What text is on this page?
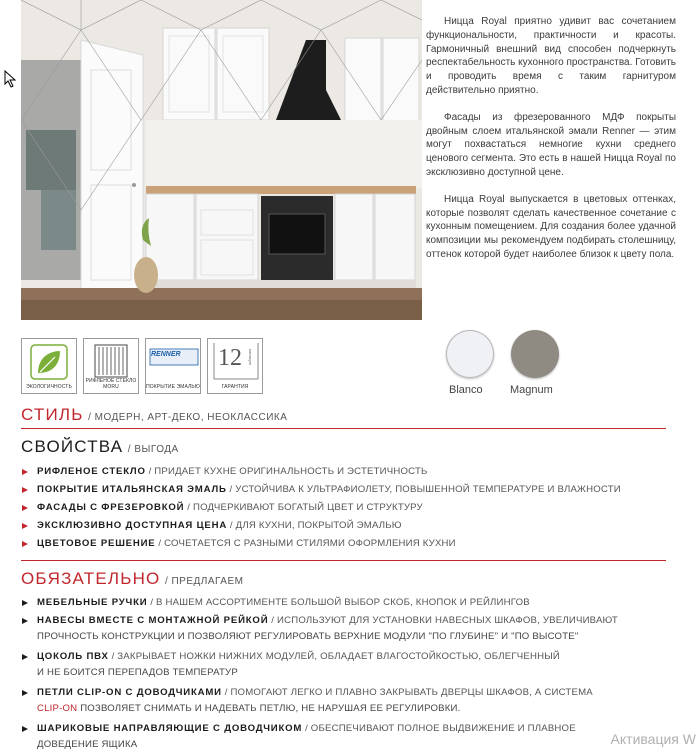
Ницца Royal приятно удивит вас сочетанием функциональности, практичности и красоты. Гармоничный внешний вид способен подчеркнуть респектабельность кухонного пространства. Готовить и проводить время с таким гарнитуром действительно приятно.

Фасады из фрезерованного МДФ покрыты двойным слоем итальянской эмали Renner — этим могут похвастаться немногие кухни среднего ценового сегмента. Это есть в нашей Ницца Royal по эксклюзивно доступной цене.

Ницца Royal выпускается в цветовых оттенках, которые позволят сделать качественное сочетание с кухонным помещением. Для создания более удачной композиции мы рекомендуем подбирать столешницу, оттенок которой будет наиболее близок к цвету пола.

ЭКОЛОГИЧНОСТЬ
РИФЛЕНОЕ СТЕКЛО MORU
RENNER
ПОКРЫТИЕ ЭМАЛЬЮ
12 месяцев
ГАРАНТИЯ	Blanco Magnum
СТИЛЬ / МОДЕРН, АРТ-ДЕКО, НЕОКЛАССИКА
СВОЙСТВА / ВЫГОДА
РИФЛЕНОЕ СТЕКЛО / ПРИДАЕТ КУХНЕ ОРИГИНАЛЬНОСТЬ И ЭСТЕТИЧНОСТЬ
ПОКРЫТИЕ ИТАЛЬЯНСКАЯ ЭМАЛЬ / УСТОЙЧИВА К УЛЬТРАФИОЛЕТУ, ПОВЫШЕННОЙ ТЕМПЕРАТУРЕ И ВЛАЖНОСТИ
ФАСАДЫ С ФРЕЗЕРОВКОЙ / ПОДЧЕРКИВАЮТ БОГАТЫЙ ЦВЕТ И СТРУКТУРУ
ЭКСКЛЮЗИВНО ДОСТУПНАЯ ЦЕНА / ДЛЯ КУХНИ, ПОКРЫТОЙ ЭМАЛЬЮ
ЦВЕТОВОЕ РЕШЕНИЕ / СОЧЕТАЕТСЯ С РАЗНЫМИ СТИЛЯМИ ОФОРМЛЕНИЯ КУХНИ
ОБЯЗАТЕЛЬНО / ПРЕДЛАГАЕМ
МЕБЕЛЬНЫЕ РУЧКИ / В НАШЕМ АССОРТИМЕНТЕ БОЛЬШОЙ ВЫБОР СКОБ, КНОПОК И РЕЙЛИНГОВ
НАВЕСЫ ВМЕСТЕ С МОНТАЖНОЙ РЕЙКОЙ / ИСПОЛЬЗУЮТ ДЛЯ УСТАНОВКИ НАВЕСНЫХ ШКАФОВ, УВЕЛИЧИВАЮТ
ПРОЧНОСТЬ КОНСТРУКЦИИ И ПОЗВОЛЯЮТ РЕГУЛИРОВАТЬ ВЕРХНИЕ МОДУЛИ "ПО ГЛУБИНЕ" И "ПО ВЫСОТЕ"
ЦОКОЛЬ ПВХ / ЗАКРЫВАЕТ НОЖКИ НИЖНИХ МОДУЛЕЙ, ОБЛАДАЕТ ВЛАГОСТОЙКОСТЬЮ, ОБЛЕГЧЕННЫЙ
И НЕ БОИТСЯ ПЕРЕПАДОВ ТЕМПЕРАТУР
ПЕТЛИ CLIP-ON С ДОВОДЧИКАМИ / ПОМОГАЮТ ЛЕГКО И ПЛАВНО ЗАКРЫВАТЬ ДВЕРЦЫ ШКАФОВ, А СИСТЕМА
CLIP-ON ПОЗВОЛЯЕТ СНИМАТЬ И НАДЕВАТЬ ПЕТЛЮ, НЕ НАРУШАЯ ЕЕ РЕГУЛИРОВКИ.
ШАРИКОВЫЕ НАПРАВЛЯЮЩИЕ С ДОВОДЧИКОМ / ОБЕСПЕЧИВАЮТ ПОЛНОЕ ВЫДВИЖЕНИЕ И ПЛАВНОЕ
ДОВЕДЕНИЕ ЯЩИКА	Активация W
